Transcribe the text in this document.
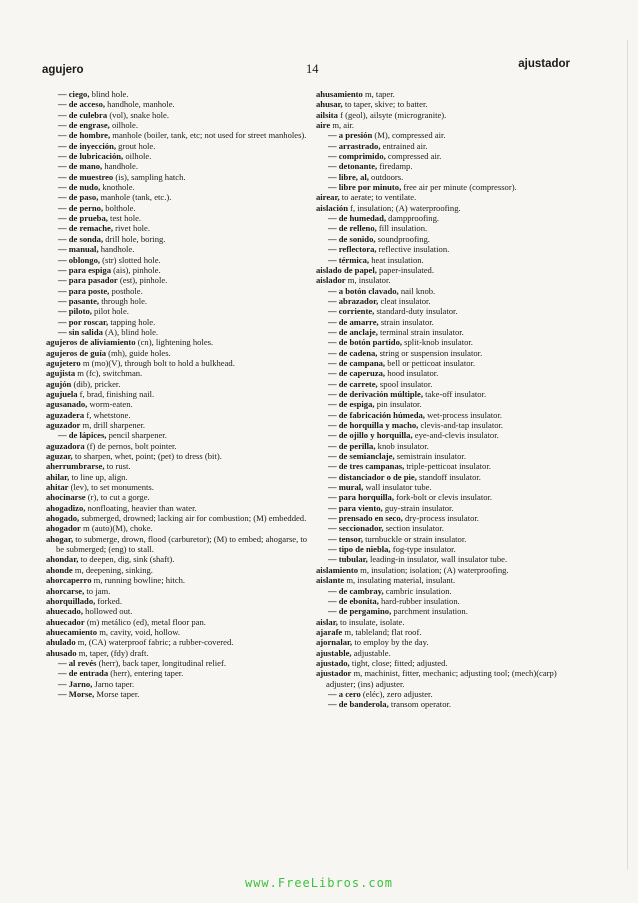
agujero	14	ajustador

— ciego, blind hole.

— de acceso, handhole, manhole.

— de culebra (vol), snake hole.

— de engrase, oilhole.

— de hombre, manhole (boiler, tank, etc; not used for street manholes).

— de inyección, grout hole.

— de lubricación, oilhole.

— de mano, handhole.

— de muestreo (is), sampling hatch.

— de nudo, knothole.

— de paso, manhole (tank, etc.).

— de perno, bolthole.

— de prueba, test hole.

— de remache, rivet hole.

— de sonda, drill hole, boring.

— manual, handhole.

— oblongo, (str) slotted hole.

— para espiga (ais), pinhole.

— para pasador (est), pinhole.

— para poste, posthole.

— pasante, through hole.

— piloto, pilot hole.

— por roscar, tapping hole.

— sin salida (A), blind hole.

agujeros de aliviamiento (cn), lightening holes.

agujeros de guía (mh), guide holes.

agujetero m (mo)(V), through bolt to hold a bulkhead.

agujista m (fc), switchman.

agujón (dib), pricker.

agujuela f, brad, finishing nail.

agusanado, worm-eaten.

aguzadera f, whetstone.

aguzador m, drill sharpener.

— de lápices, pencil sharpener.

aguzadora (f) de pernos, bolt pointer.

aguzar, to sharpen, whet, point; (pet) to dress (bit).

aherrumbrarse, to rust.

ahilar, to line up, align.

ahitar (lev), to set monuments.

ahocinarse (r), to cut a gorge.

ahogadizo, nonfloating, heavier than water.

ahogado, submerged, drowned; lacking air for combustion; (M) embedded.

ahogador m (auto)(M), choke.

ahogar, to submerge, drown, flood (carburetor); (M) to embed; ahogarse, to be submerged; (eng) to stall.

ahondar, to deepen, dig, sink (shaft).

ahonde m, deepening, sinking.

ahorcaperro m, running bowline; hitch.

ahorcarse, to jam.

ahorquillado, forked.

ahuecado, hollowed out.

ahuecador (m) metálico (ed), metal floor pan.

ahuecamiento m, cavity, void, hollow.

ahulado m, (CA) waterproof fabric; a rubber-covered.

ahusado m, taper, (fdy) draft.

— al revés (herr), back taper, longitudinal relief.

— de entrada (herr), entering taper.

— Jarno, Jarno taper.

— Morse, Morse taper.

ahusamiento m, taper.

ahusar, to taper, skive; to batter.

ailsita f (geol), ailsyte (microgranite).

aire m, air.

— a presión (M), compressed air.

— arrastrado, entrained air.

— comprimido, compressed air.

— detonante, firedamp.

— libre, al, outdoors.

— libre por minuto, free air per minute (compressor).

airear, to aerate; to ventilate.

aislación f, insulation; (A) waterproofing.

— de humedad, dampproofing.

— de relleno, fill insulation.

— de sonido, soundproofing.

— reflectora, reflective insulation.

— térmica, heat insulation.

aislado de papel, paper-insulated.

aislador m, insulator.

— a botón clavado, nail knob.

— abrazador, cleat insulator.

— corriente, standard-duty insulator.

— de amarre, strain insulator.

— de anclaje, terminal strain insulator.

— de botón partido, split-knob insulator.

— de cadena, string or suspension insulator.

— de campana, bell or petticoat insulator.

— de caperuza, hood insulator.

— de carrete, spool insulator.

— de derivación múltiple, take-off insulator.

— de espiga, pin insulator.

— de fabricación húmeda, wet-process insulator.

— de horquilla y macho, clevis-and-tap insulator.

— de ojillo y horquilla, eye-and-clevis insulator.

— de perilla, knob insulator.

— de semianclaje, semistrain insulator.

— de tres campanas, triple-petticoat insulator.

— distanciador o de pie, standoff insulator.

— mural, wall insulator tube.

— para horquilla, fork-bolt or clevis insulator.

— para viento, guy-strain insulator.

— prensado en seco, dry-process insulator.

— seccionador, section insulator.

— tensor, turnbuckle or strain insulator.

— tipo de niebla, fog-type insulator.

— tubular, leading-in insulator, wall insulator tube.

aislamiento m, insulation; isolation; (A) waterproofing.

aislante m, insulating material, insulant.

— de cambray, cambric insulation.

— de ebonita, hard-rubber insulation.

— de pergamino, parchment insulation.

aislar, to insulate, isolate.

ajarafe m, tableland; flat roof.

ajornalar, to employ by the day.

ajustable, adjustable.

ajustado, tight, close; fitted; adjusted.

ajustador m, machinist, fitter, mechanic; adjusting tool; (mech)(carp) adjuster; (ins) adjuster.

— a cero (eléc), zero adjuster.

— de banderola, transom operator.

www.FreeLibros.com
